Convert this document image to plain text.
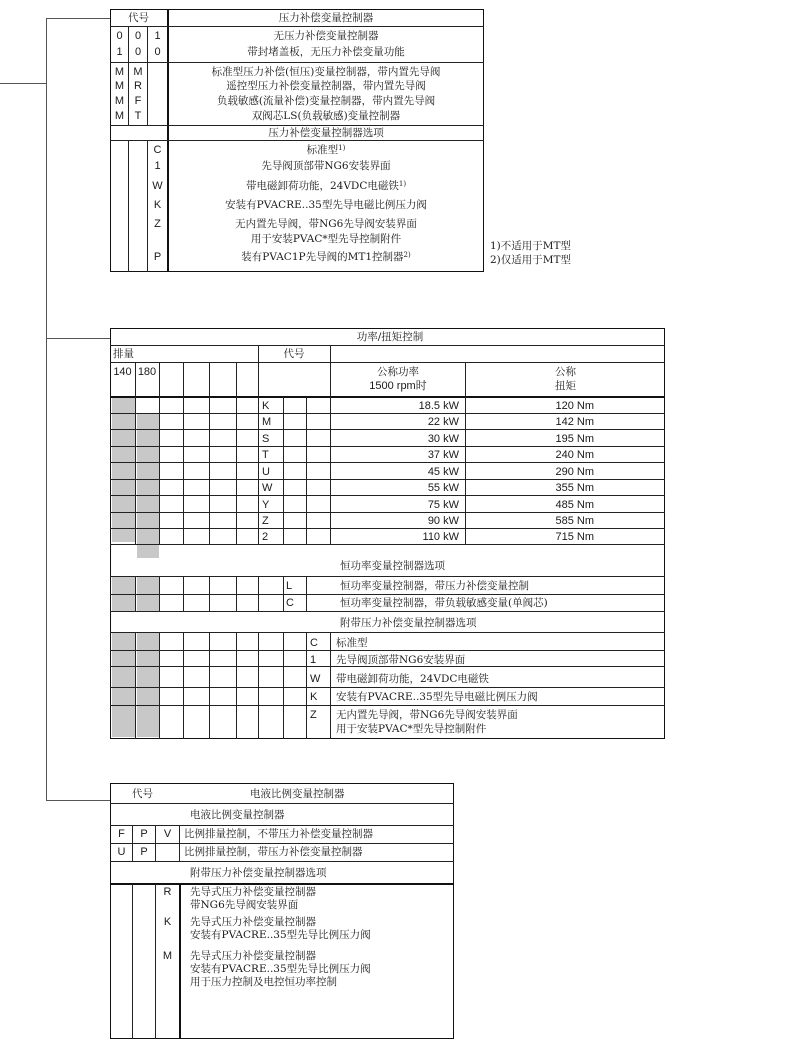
代号	压力补偿变量控制器
0	0	1	无压力补偿变量控制器
1	0	0	带封堵盖板，无压力补偿变量功能
M M	标准型压力补偿(恒压)变量控制器，带内置先导阀
M R	遥控型压力补偿变量控制器，带内置先导阀
M F	负载敏感(流量补偿)变量控制器，带内置先导阀
M T	双阀芯LS(负载敏感)变量控制器
压力补偿变量控制器选项
C	标准型$^{1)}$
1	先导阀顶部带NG6安装界面
W	带电磁卸荷功能，24VDC电磁铁$^{1)}$
K	安装有PVACRE..35型先导电磁比例压力阀
Z	无内置先导阀，带NG6先导阀安装界面
用于安装PVAC*型先导控制附件
P	装有PVAC1P先导阀的MT1控制器$^{2)}$
1)不适用于MT型
2)仅适用于MT型
功率/扭矩控制
排量	代号
140 180	公称功率
1500 rpm时
公称
扭矩
K	18.5 kW	120 Nm
M	22 kW	142 Nm
S	30 kW	195 Nm
T	37 kW	240 Nm
U	45 kW	290 Nm
W	55 kW	355 Nm
Y	75 kW	485 Nm
Z	90 kW	585 Nm
2	110 kW	715 Nm
恒功率变量控制器选项
L	恒功率变量控制器，带压力补偿变量控制
C	恒功率变量控制器，带负载敏感变量(单阀芯)
附带压力补偿变量控制器选项
C 标准型
1 先导阀顶部带NG6安装界面
W 带电磁卸荷功能，24VDC电磁铁
K 安装有PVACRE..35型先导电磁比例压力阀
Z 无内置先导阀，带NG6先导阀安装界面
用于安装PVAC*型先导控制附件
代号	电液比例变量控制器
电液比例变量控制器
F	P	V	比例排量控制，不带压力补偿变量控制器
U	P	比例排量控制，带压力补偿变量控制器
附带压力补偿变量控制器选项
R	先导式压力补偿变量控制器
带NG6先导阀安装界面
K	先导式压力补偿变量控制器
安装有PVACRE..35型先导比例压力阀
M	先导式压力补偿变量控制器
安装有PVACRE..35型先导比例压力阀
用于压力控制及电控恒功率控制
